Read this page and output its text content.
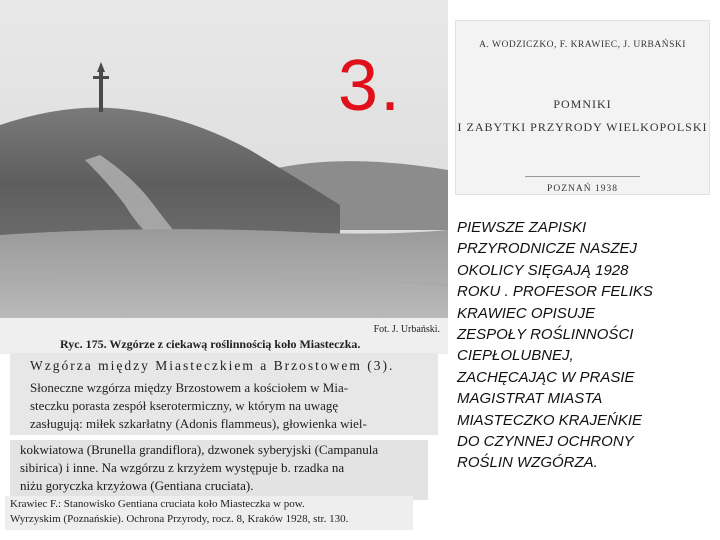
3.
Fot. J. Urbański.
Ryc. 175. Wzgórze z ciekawą roślinnością koło Miasteczka.
A. WODZICZKO, F. KRAWIEC, J. URBAŃSKI
POMNIKI
I ZABYTKI PRZYRODY WIELKOPOLSKI
POZNAŃ 1938
Wzgórza między Miasteczkiem a Brzostowem (3).
Słoneczne wzgórza między Brzostowem a kościołem w Mia-
steczku porasta zespół kserotermiczny, w którym na uwagę
zasługują: miłek szkarłatny (Adonis flammeus), głowienka wiel-
kokwiatowa (Brunella grandiflora), dzwonek syberyjski (Campanula
sibirica) i inne. Na wzgórzu z krzyżem występuje b. rzadka na
niżu goryczka krzyżowa (Gentiana cruciata).
Krawiec F.: Stanowisko Gentiana cruciata koło Miasteczka w pow.
Wyrzyskim (Poznańskie). Ochrona Przyrody, rocz. 8, Kraków 1928, str. 130.
PIEWSZE ZAPISKI
PRZYRODNICZE NASZEJ
OKOLICY SIĘGAJĄ 1928
ROKU . PROFESOR FELIKS
KRAWIEC OPISUJE
ZESPOŁY ROŚLINNOŚCI
CIEPŁOLUBNEJ,
ZACHĘCAJĄC W PRASIE
MAGISTRAT MIASTA
MIASTECZKO KRAJEŃKIE
DO CZYNNEJ OCHRONY
ROŚLIN WZGÓRZA.
